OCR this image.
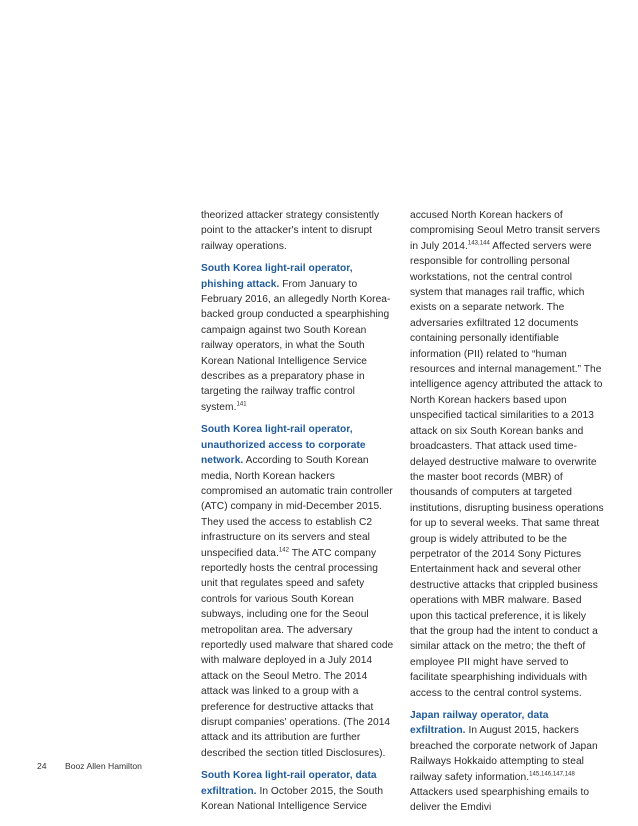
theorized attacker strategy consistently point to the attacker's intent to disrupt railway operations.

South Korea light-rail operator, phishing attack. From January to February 2016, an allegedly North Korea-backed group conducted a spearphishing campaign against two South Korean railway operators, in what the South Korean National Intelligence Service describes as a preparatory phase in targeting the railway traffic control system.$^{141}$

South Korea light-rail operator, unauthorized access to corporate network. According to South Korean media, North Korean hackers compromised an automatic train controller (ATC) company in mid-December 2015. They used the access to establish C2 infrastructure on its servers and steal unspecified data.$^{142}$ The ATC company reportedly hosts the central processing unit that regulates speed and safety controls for various South Korean subways, including one for the Seoul metropolitan area. The adversary reportedly used malware that shared code with malware deployed in a July 2014 attack on the Seoul Metro. The 2014 attack was linked to a group with a preference for destructive attacks that disrupt companies' operations. (The 2014 attack and its attribution are further described the section titled Disclosures).

South Korea light-rail operator, data exfiltration. In October 2015, the South Korean National Intelligence Service

accused North Korean hackers of compromising Seoul Metro transit servers in July 2014.$^{143,144}$ Affected servers were responsible for controlling personal workstations, not the central control system that manages rail traffic, which exists on a separate network. The adversaries exfiltrated 12 documents containing personally identifiable information (PII) related to “human resources and internal management.” The intelligence agency attributed the attack to North Korean hackers based upon unspecified tactical similarities to a 2013 attack on six South Korean banks and broadcasters. That attack used time-delayed destructive malware to overwrite the master boot records (MBR) of thousands of computers at targeted institutions, disrupting business operations for up to several weeks. That same threat group is widely attributed to be the perpetrator of the 2014 Sony Pictures Entertainment hack and several other destructive attacks that crippled business operations with MBR malware. Based upon this tactical preference, it is likely that the group had the intent to conduct a similar attack on the metro; the theft of employee PII might have served to facilitate spearphishing individuals with access to the central control systems.

Japan railway operator, data exfiltration. In August 2015, hackers breached the corporate network of Japan Railways Hokkaido attempting to steal railway safety information.$^{145,146,147,148}$ Attackers used spearphishing emails to deliver the Emdivi

24 Booz Allen Hamilton
